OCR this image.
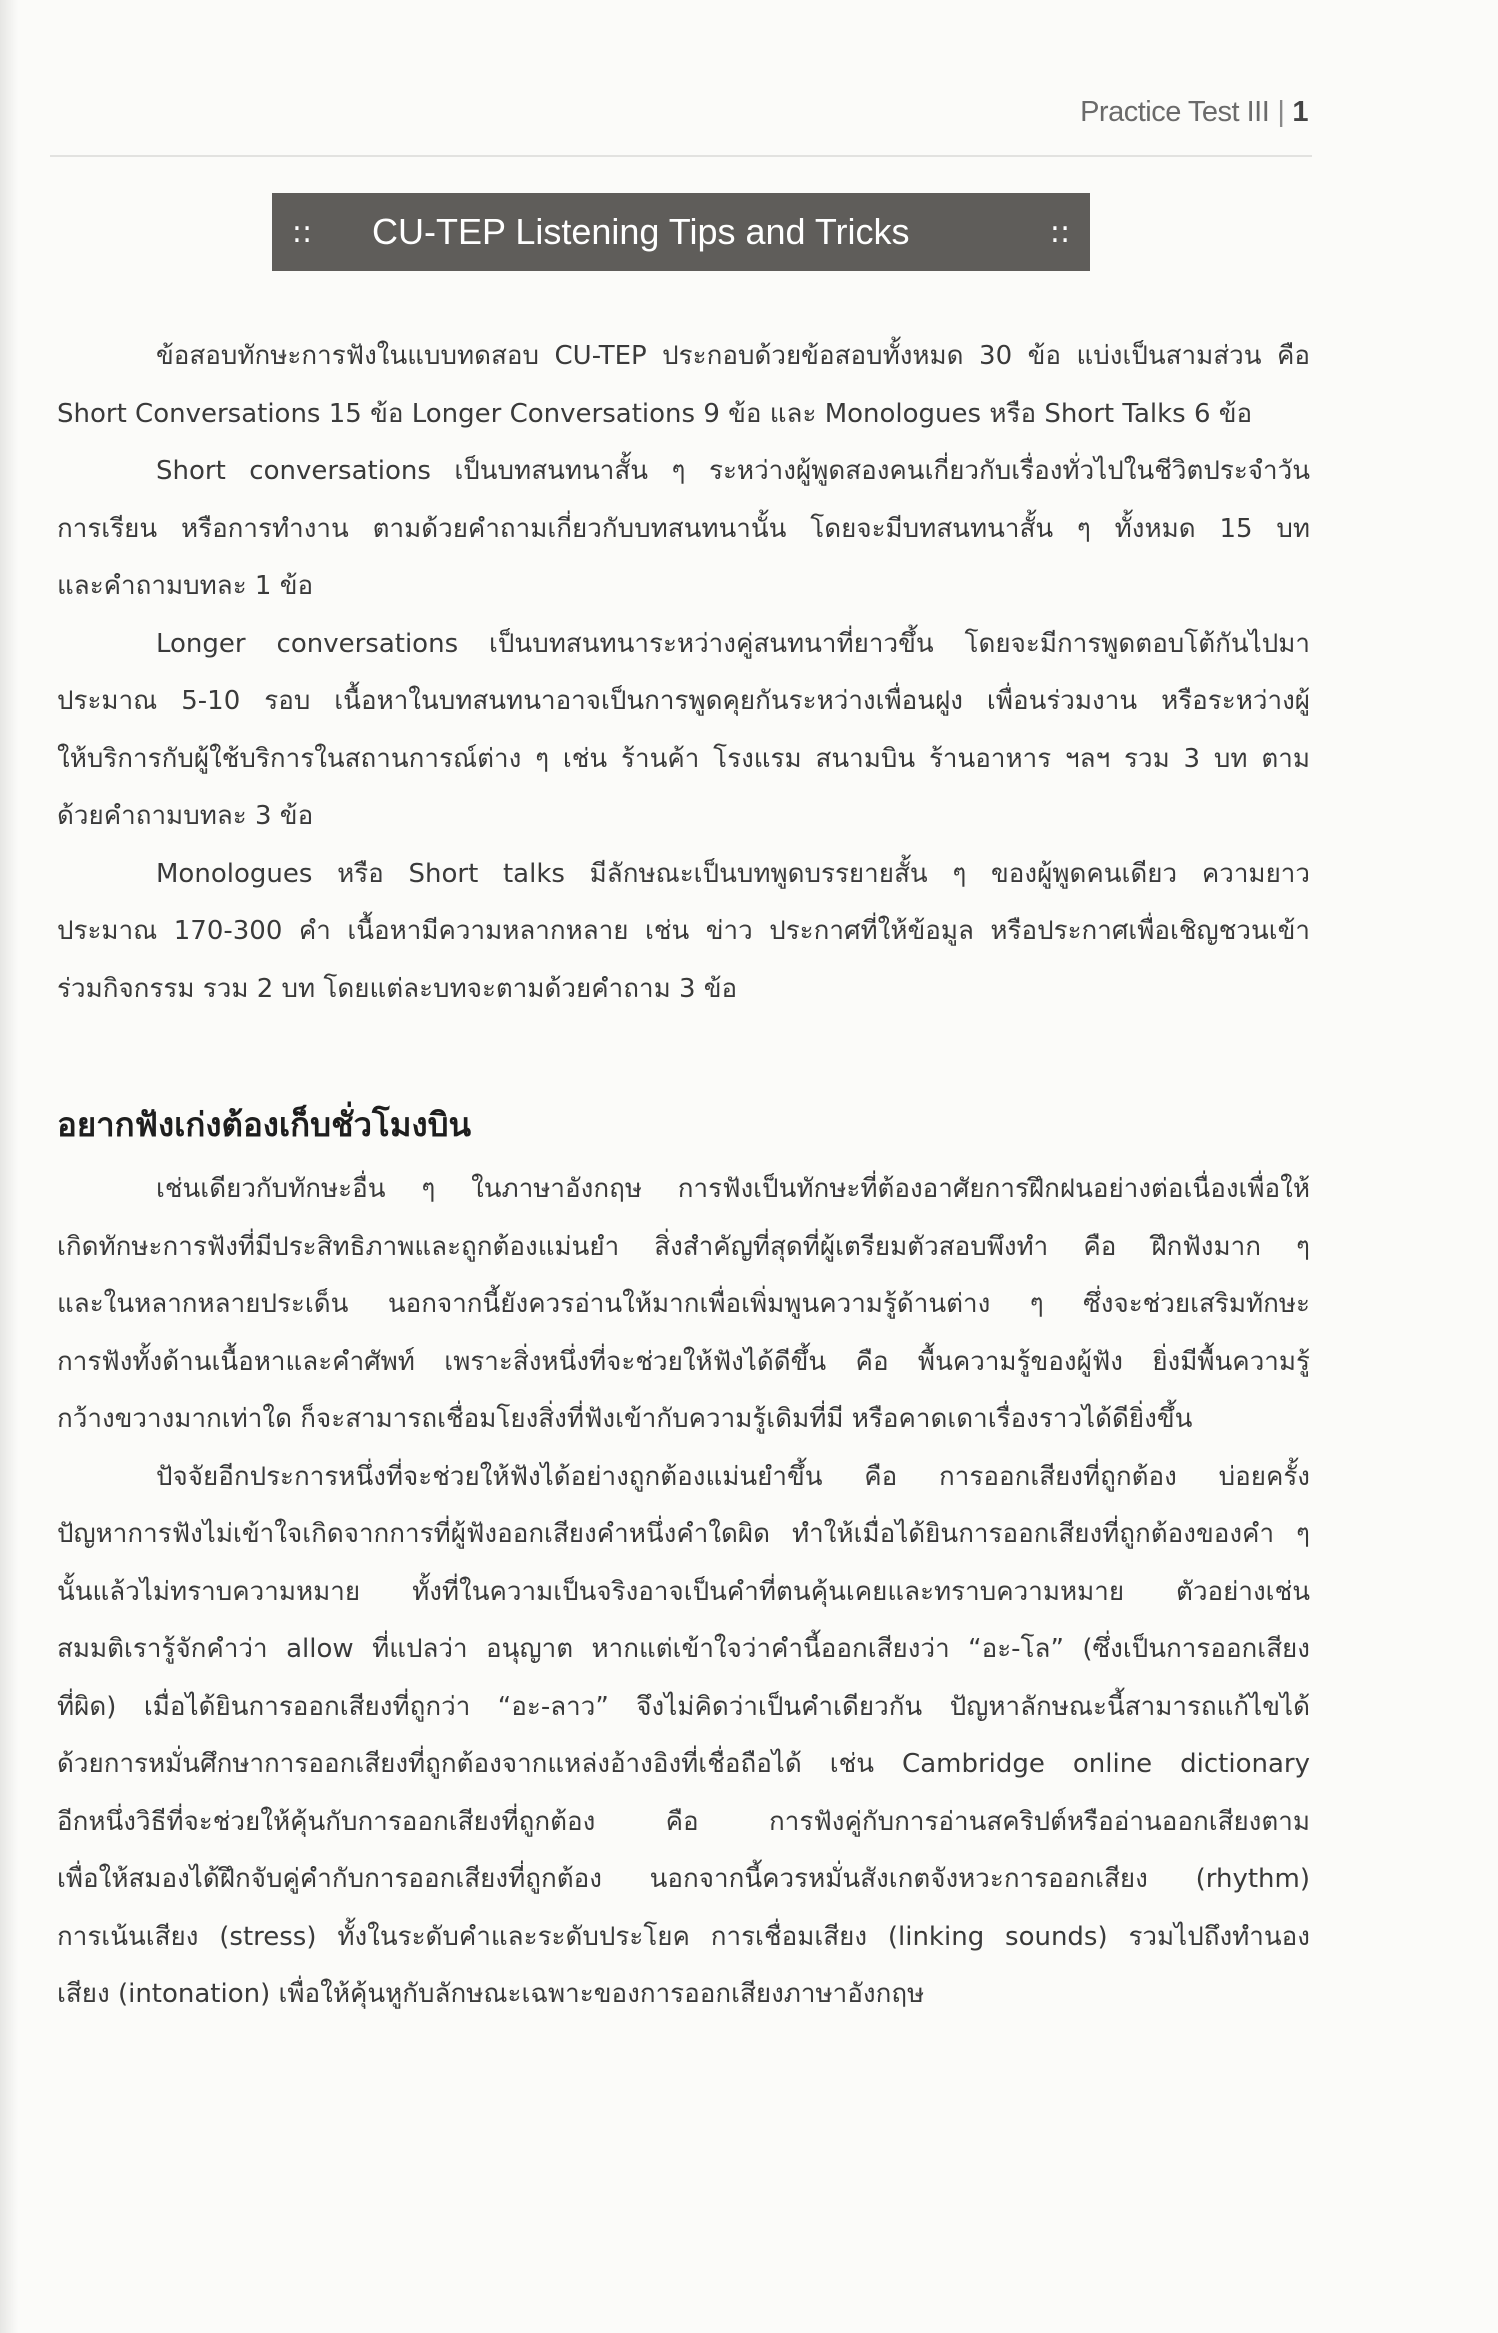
Practice Test III | 1
::	CU-TEP Listening Tips and Tricks	::
ข้อสอบทักษะการฟังในแบบทดสอบ CU-TEP ประกอบด้วยข้อสอบทั้งหมด 30 ข้อ แบ่งเป็นสามส่วน คือ
Short Conversations 15 ข้อ Longer Conversations 9 ข้อ และ Monologues หรือ Short Talks 6 ข้อ
Short conversations เป็นบทสนทนาสั้น ๆ ระหว่างผู้พูดสองคนเกี่ยวกับเรื่องทั่วไปในชีวิตประจำวัน
การเรียน หรือการทำงาน ตามด้วยคำถามเกี่ยวกับบทสนทนานั้น โดยจะมีบทสนทนาสั้น ๆ ทั้งหมด 15 บท
และคำถามบทละ 1 ข้อ
Longer conversations เป็นบทสนทนาระหว่างคู่สนทนาที่ยาวขึ้น โดยจะมีการพูดตอบโต้กันไปมา
ประมาณ 5-10 รอบ เนื้อหาในบทสนทนาอาจเป็นการพูดคุยกันระหว่างเพื่อนฝูง เพื่อนร่วมงาน หรือระหว่างผู้
ให้บริการกับผู้ใช้บริการในสถานการณ์ต่าง ๆ เช่น ร้านค้า โรงแรม สนามบิน ร้านอาหาร ฯลฯ รวม 3 บท ตาม
ด้วยคำถามบทละ 3 ข้อ
Monologues หรือ Short talks มีลักษณะเป็นบทพูดบรรยายสั้น ๆ ของผู้พูดคนเดียว ความยาว
ประมาณ 170-300 คำ เนื้อหามีความหลากหลาย เช่น ข่าว ประกาศที่ให้ข้อมูล หรือประกาศเพื่อเชิญชวนเข้า
ร่วมกิจกรรม รวม 2 บท โดยแต่ละบทจะตามด้วยคำถาม 3 ข้อ
อยากฟังเก่งต้องเก็บชั่วโมงบิน
เช่นเดียวกับทักษะอื่น ๆ ในภาษาอังกฤษ การฟังเป็นทักษะที่ต้องอาศัยการฝึกฝนอย่างต่อเนื่องเพื่อให้
เกิดทักษะการฟังที่มีประสิทธิภาพและถูกต้องแม่นยำ สิ่งสำคัญที่สุดที่ผู้เตรียมตัวสอบพึงทำ คือ ฝึกฟังมาก ๆ
และในหลากหลายประเด็น นอกจากนี้ยังควรอ่านให้มากเพื่อเพิ่มพูนความรู้ด้านต่าง ๆ ซึ่งจะช่วยเสริมทักษะ
การฟังทั้งด้านเนื้อหาและคำศัพท์ เพราะสิ่งหนึ่งที่จะช่วยให้ฟังได้ดีขึ้น คือ พื้นความรู้ของผู้ฟัง ยิ่งมีพื้นความรู้
กว้างขวางมากเท่าใด ก็จะสามารถเชื่อมโยงสิ่งที่ฟังเข้ากับความรู้เดิมที่มี หรือคาดเดาเรื่องราวได้ดียิ่งขึ้น
ปัจจัยอีกประการหนึ่งที่จะช่วยให้ฟังได้อย่างถูกต้องแม่นยำขึ้น คือ การออกเสียงที่ถูกต้อง บ่อยครั้ง
ปัญหาการฟังไม่เข้าใจเกิดจากการที่ผู้ฟังออกเสียงคำหนึ่งคำใดผิด ทำให้เมื่อได้ยินการออกเสียงที่ถูกต้องของคำ ๆ
นั้นแล้วไม่ทราบความหมาย ทั้งที่ในความเป็นจริงอาจเป็นคำที่ตนคุ้นเคยและทราบความหมาย ตัวอย่างเช่น
สมมติเรารู้จักคำว่า allow ที่แปลว่า อนุญาต หากแต่เข้าใจว่าคำนี้ออกเสียงว่า “อะ-โล” (ซึ่งเป็นการออกเสียง
ที่ผิด) เมื่อได้ยินการออกเสียงที่ถูกว่า “อะ-ลาว” จึงไม่คิดว่าเป็นคำเดียวกัน ปัญหาลักษณะนี้สามารถแก้ไขได้
ด้วยการหมั่นศึกษาการออกเสียงที่ถูกต้องจากแหล่งอ้างอิงที่เชื่อถือได้ เช่น Cambridge online dictionary
อีกหนึ่งวิธีที่จะช่วยให้คุ้นกับการออกเสียงที่ถูกต้อง คือ การฟังคู่กับการอ่านสคริปต์หรืออ่านออกเสียงตาม
เพื่อให้สมองได้ฝึกจับคู่คำกับการออกเสียงที่ถูกต้อง นอกจากนี้ควรหมั่นสังเกตจังหวะการออกเสียง (rhythm)
การเน้นเสียง (stress) ทั้งในระดับคำและระดับประโยค การเชื่อมเสียง (linking sounds) รวมไปถึงทำนอง
เสียง (intonation) เพื่อให้คุ้นหูกับลักษณะเฉพาะของการออกเสียงภาษาอังกฤษ
